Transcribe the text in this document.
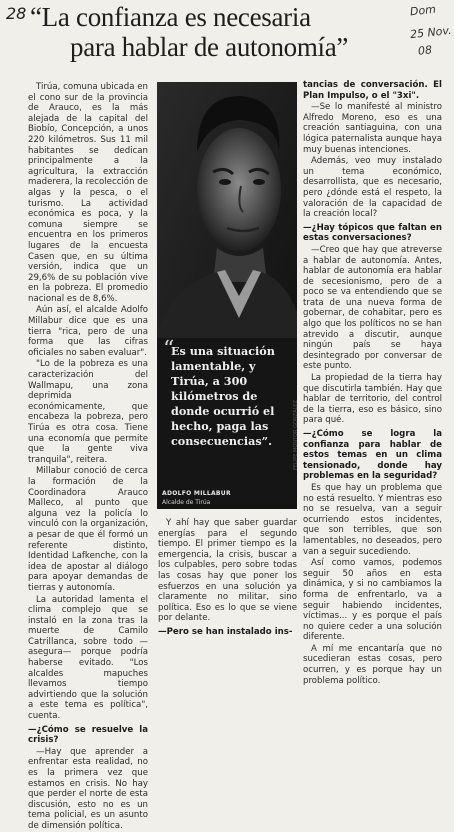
28 “La confianza es necesaria
para hablar de autonomía”
Dom
25 Nov.
08

Tirúa, comuna ubicada en el cono sur de la provincia de Arauco, es la más alejada de la capital del Biobío, Concepción, a unos 220 kilómetros. Sus 11 mil habitantes se dedican principalmente a la agricultura, la extracción maderera, la recolección de algas y la pesca, o el turismo. La actividad económica es poca, y la comuna siempre se encuentra en los primeros lugares de la encuesta Casen que, en su última versión, indica que un 29,6% de su población vive en la pobreza. El promedio nacional es de 8,6%.

Aún así, el alcalde Adolfo Millabur dice que es una tierra "rica, pero de una forma que las cifras oficiales no saben evaluar".

"Lo de la pobreza es una caracterización del Wallmapu, una zona deprimida económicamente, que encabeza la pobreza, pero Tirúa es otra cosa. Tiene una economía que permite que la gente viva tranquila", reitera.

Millabur conoció de cerca la formación de la Coordinadora Arauco Malleco, al punto que alguna vez la policía lo vinculó con la organización, a pesar de que él formó un referente distinto, Identidad Lafkenche, con la idea de apostar al diálogo para apoyar demandas de tierras y autonomía.

La autoridad lamenta el clima complejo que se instaló en la zona tras la muerte de Camilo Catrillanca, sobre todo —asegura— porque podría haberse evitado. "Los alcaldes mapuches llevamos tiempo advirtiendo que la solución a este tema es política", cuenta.

—¿Cómo se resuelve la crisis?

—Hay que aprender a enfrentar esta realidad, no es la primera vez que estamos en crisis. No hay que perder el norte de esta discusión, esto no es un tema policial, es un asunto de dimensión política.

“
Es una situación lamentable, y Tirúa, a 300 kilómetros de donde ocurrió el hecho, paga las consecuencias”.
ADOLFO MILLABUR
Alcalde de Tirúa
FELIPE MONTOR GONZÁLEZ

Y ahí hay que saber guardar energías para el segundo tiempo. El primer tiempo es la emergencia, la crisis, buscar a los culpables, pero sobre todas las cosas hay que poner los esfuerzos en una solución ya claramente no militar, sino política. Eso es lo que se viene por delante.

—Pero se han instalado ins-

tancias de conversación. El Plan Impulso, o el "3xi".

—Se lo manifesté al ministro Alfredo Moreno, eso es una creación santiaguina, con una lógica paternalista aunque haya muy buenas intenciones.

Además, veo muy instalado un tema económico, desarrollista, que es necesario, pero ¿dónde está el respeto, la valoración de la capacidad de la creación local?

—¿Hay tópicos que faltan en estas conversaciones?

—Creo que hay que atreverse a hablar de autonomía. Antes, hablar de autonomía era hablar de secesionismo, pero de a poco se va entendiendo que se trata de una nueva forma de gobernar, de cohabitar, pero es algo que los políticos no se han atrevido a discutir, aunque ningún país se haya desintegrado por conversar de este punto.

La propiedad de la tierra hay que discutirla también. Hay que hablar de territorio, del control de la tierra, eso es básico, sino para qué.

—¿Cómo se logra la confianza para hablar de estos temas en un clima tensionado, donde hay problemas en la seguridad?

Es que hay un problema que no está resuelto. Y mientras eso no se resuelva, van a seguir ocurriendo estos incidentes, que son terribles, que son lamentables, no deseados, pero van a seguir sucediendo.

Así como vamos, podemos seguir 50 años en esta dinámica, y si no cambiamos la forma de enfrentarlo, va a seguir habiendo incidentes, víctimas... y es porque el país no quiere ceder a una solución diferente.

A mí me encantaría que no sucedieran estas cosas, pero ocurren, y es porque hay un problema político.
